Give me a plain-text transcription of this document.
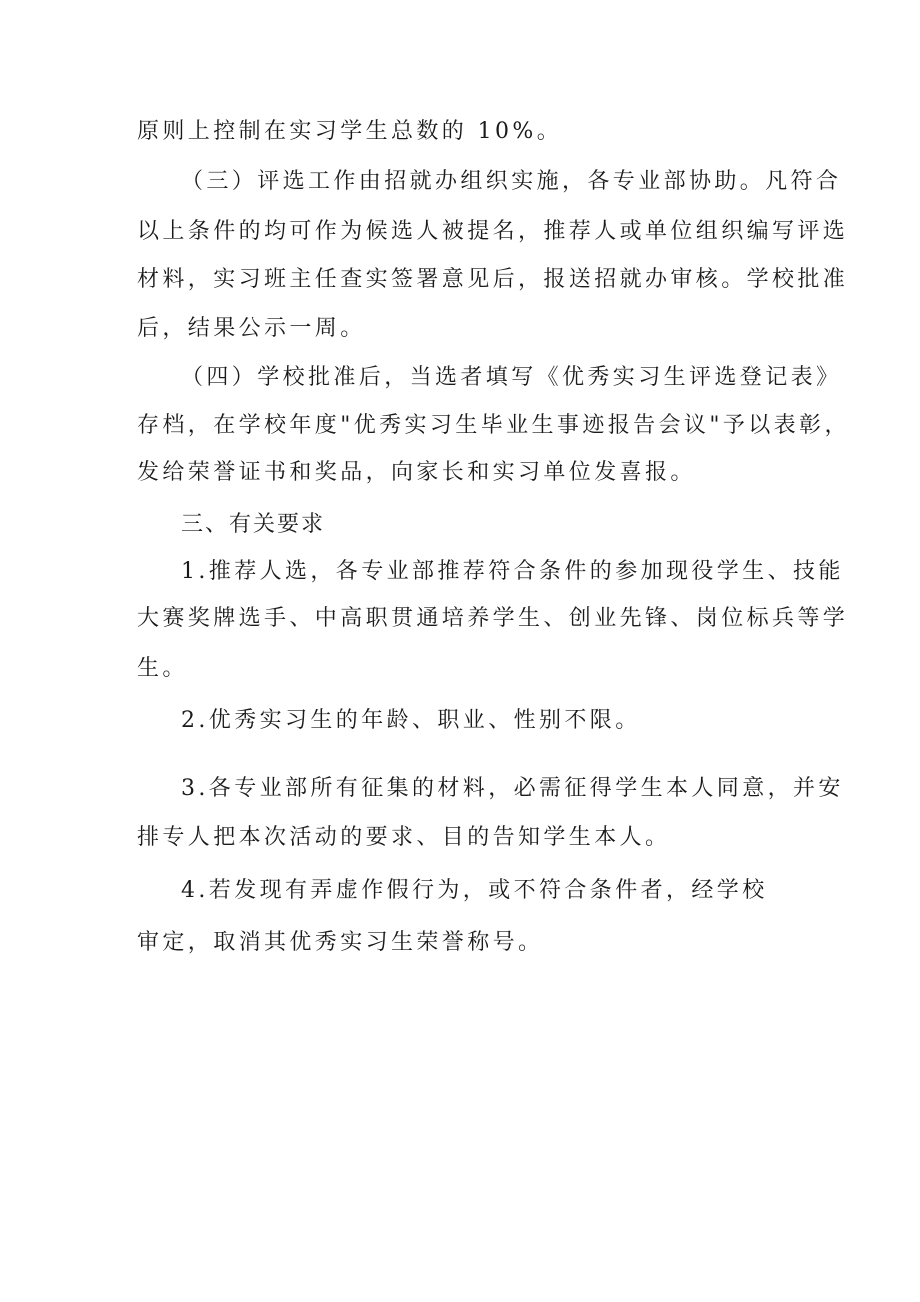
原则上控制在实习学生总数的 10%。
（三）评选工作由招就办组织实施，各专业部协助。凡符合
以上条件的均可作为候选人被提名，推荐人或单位组织编写评选
材料，实习班主任查实签署意见后，报送招就办审核。学校批准
后，结果公示一周。
（四）学校批准后，当选者填写《优秀实习生评选登记表》
存档，在学校年度"优秀实习生毕业生事迹报告会议"予以表彰，
发给荣誉证书和奖品，向家长和实习单位发喜报。
三、有关要求
1.推荐人选，各专业部推荐符合条件的参加现役学生、技能
大赛奖牌选手、中高职贯通培养学生、创业先锋、岗位标兵等学
生。
2.优秀实习生的年龄、职业、性别不限。
3.各专业部所有征集的材料，必需征得学生本人同意，并安
排专人把本次活动的要求、目的告知学生本人。
4.若发现有弄虚作假行为，或不符合条件者，经学校
审定，取消其优秀实习生荣誉称号。
